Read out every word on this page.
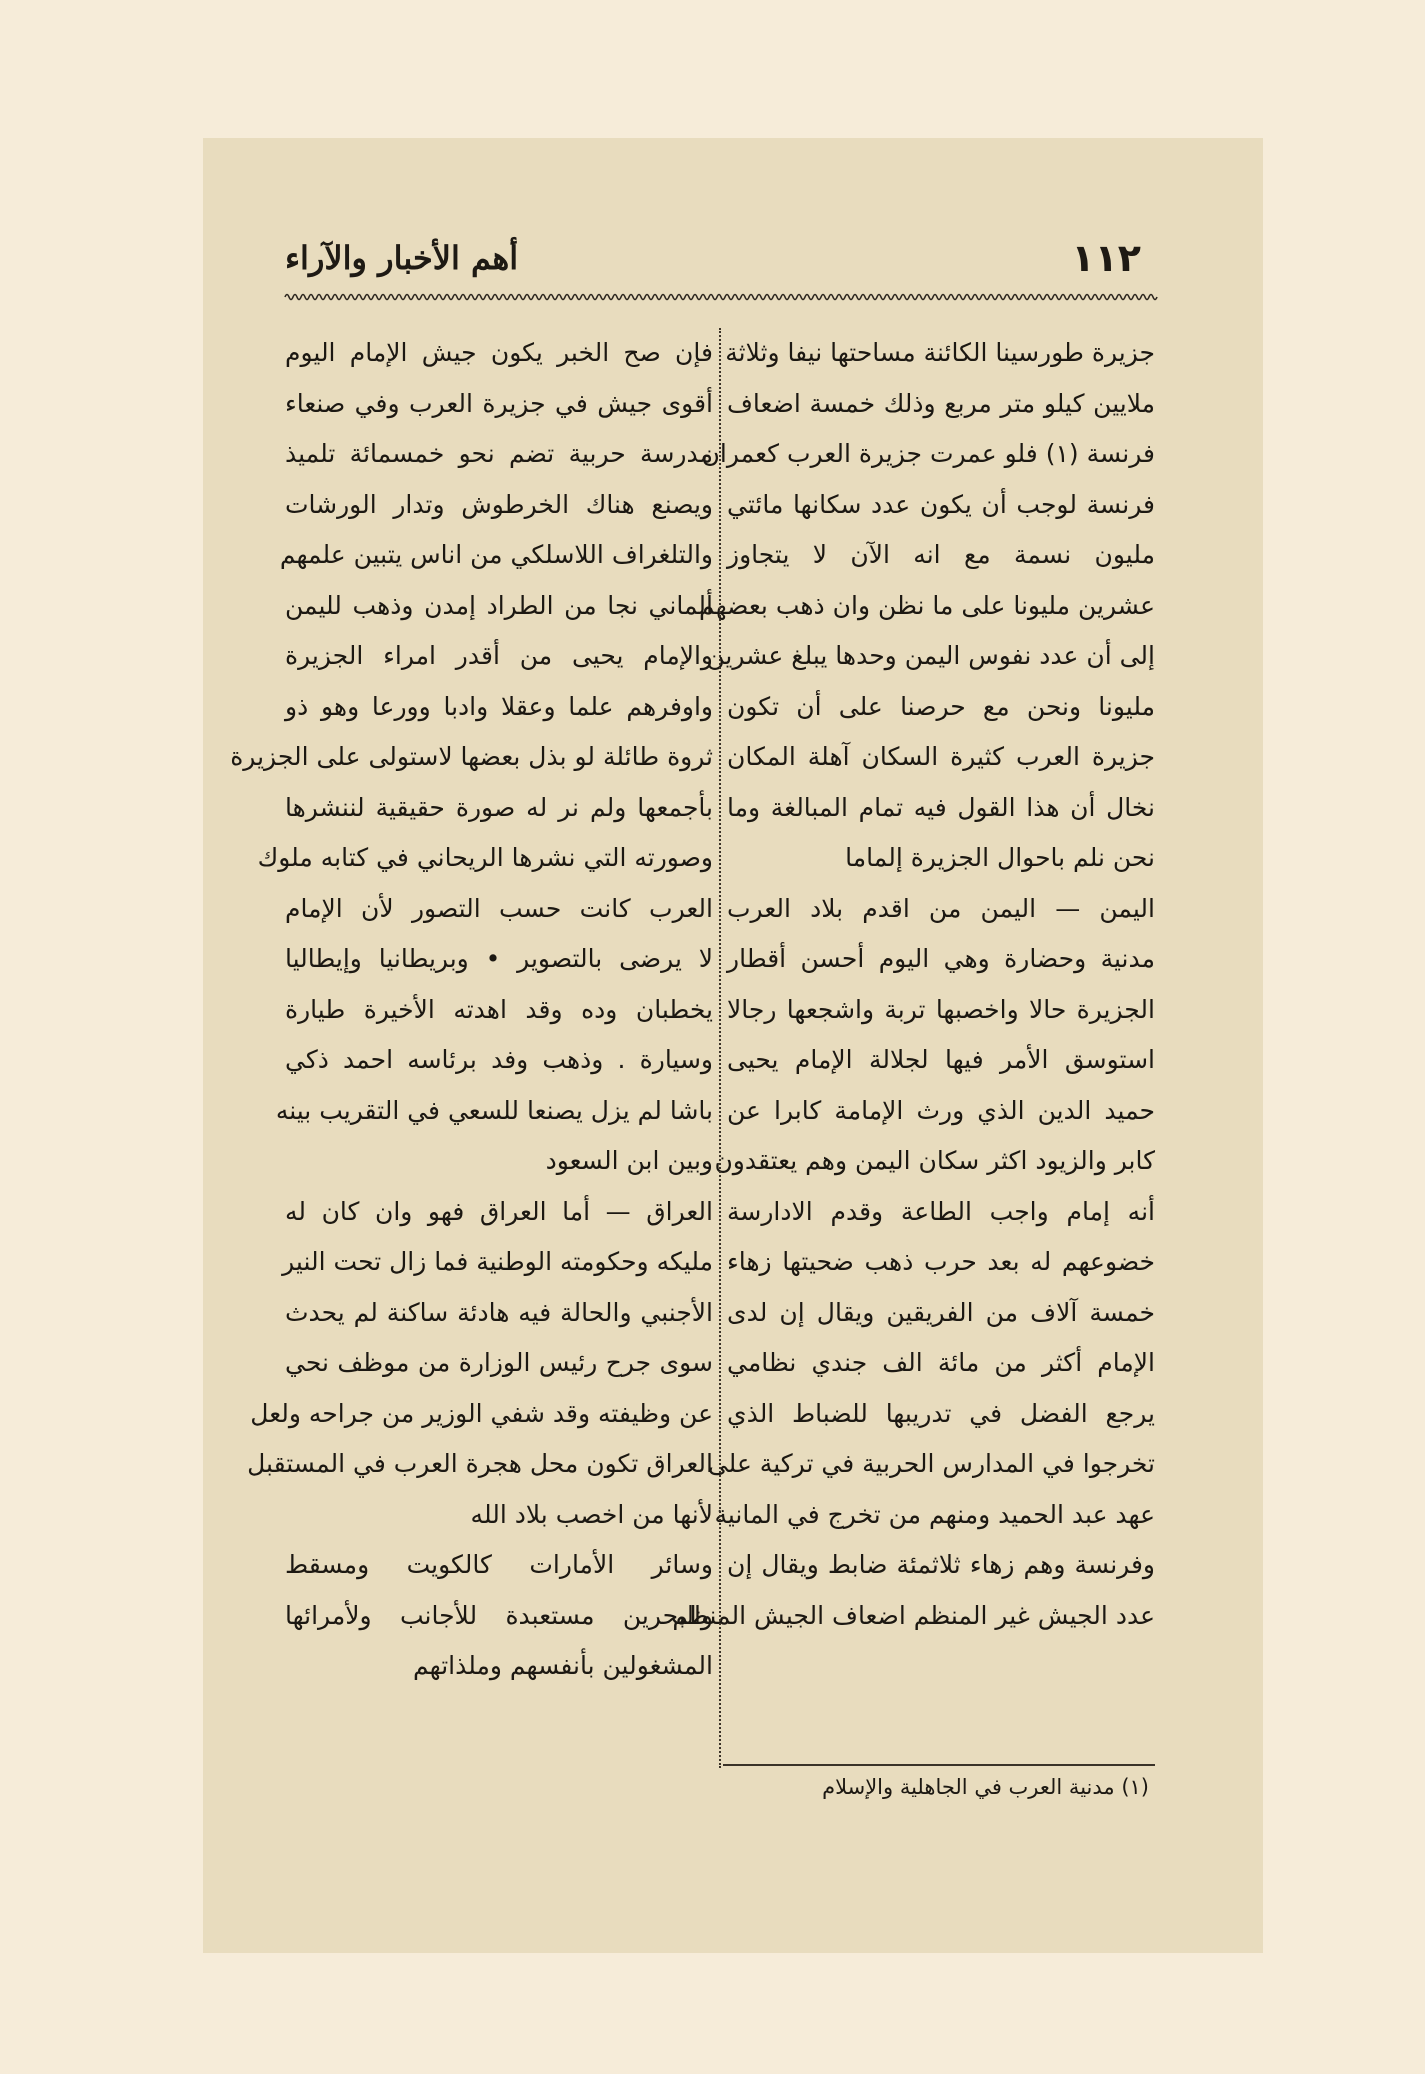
١١٢
أهم الأخبار والآراء
جزيرة طورسينا الكائنة مساحتها نيفا وثلاثة
ملايين كيلو متر مربع وذلك خمسة اضعاف
فرنسة (١) فلو عمرت جزيرة العرب كعمران
فرنسة لوجب أن يكون عدد سكانها مائتي
مليون نسمة مع انه الآن لا يتجاوز
عشرين مليونا على ما نظن وان ذهب بعضهم
إلى أن عدد نفوس اليمن وحدها يبلغ عشرين
مليونا ونحن مع حرصنا على أن تكون
جزيرة العرب كثيرة السكان آهلة المكان
نخال أن هذا القول فيه تمام المبالغة وما
نحن نلم باحوال الجزيرة إلماما
اليمن — اليمن من اقدم بلاد العرب
مدنية وحضارة وهي اليوم أحسن أقطار
الجزيرة حالا واخصبها تربة واشجعها رجالا
استوسق الأمر فيها لجلالة الإمام يحيى
حميد الدين الذي ورث الإمامة كابرا عن
كابر والزيود اكثر سكان اليمن وهم يعتقدون
أنه إمام واجب الطاعة وقدم الادارسة
خضوعهم له بعد حرب ذهب ضحيتها زهاء
خمسة آلاف من الفريقين ويقال إن لدى
الإمام أكثر من مائة الف جندي نظامي
يرجع الفضل في تدريبها للضباط الذي
تخرجوا في المدارس الحربية في تركية على
عهد عبد الحميد ومنهم من تخرج في المانية
وفرنسة وهم زهاء ثلاثمئة ضابط ويقال إن
عدد الجيش غير المنظم اضعاف الجيش المنظم
فإن صح الخبر يكون جيش الإمام اليوم
أقوى جيش في جزيرة العرب وفي صنعاء
مدرسة حربية تضم نحو خمسمائة تلميذ
ويصنع هناك الخرطوش وتدار الورشات
والتلغراف اللاسلكي من اناس يتبين علمهم
ألماني نجا من الطراد إمدن وذهب لليمن
والإمام يحيى من أقدر امراء الجزيرة
واوفرهم علما وعقلا وادبا وورعا وهو ذو
ثروة طائلة لو بذل بعضها لاستولى على الجزيرة
بأجمعها ولم نر له صورة حقيقية لننشرها
وصورته التي نشرها الريحاني في كتابه ملوك
العرب كانت حسب التصور لأن الإمام
لا يرضى بالتصوير • وبريطانيا وإيطاليا
يخطبان وده وقد اهدته الأخيرة طيارة
وسيارة . وذهب وفد برئاسه احمد ذكي
باشا لم يزل يصنعا للسعي في التقريب بينه
وبين ابن السعود
العراق — أما العراق فهو وان كان له
مليكه وحكومته الوطنية فما زال تحت النير
الأجنبي والحالة فيه هادئة ساكنة لم يحدث
سوى جرح رئيس الوزارة من موظف نحي
عن وظيفته وقد شفي الوزير من جراحه ولعل
العراق تكون محل هجرة العرب في المستقبل
لأنها من اخصب بلاد الله
وسائر الأمارات كالكويت ومسقط
والبحرين مستعبدة للأجانب ولأمرائها
المشغولين بأنفسهم وملذاتهم
(١) مدنية العرب في الجاهلية والإسلام
